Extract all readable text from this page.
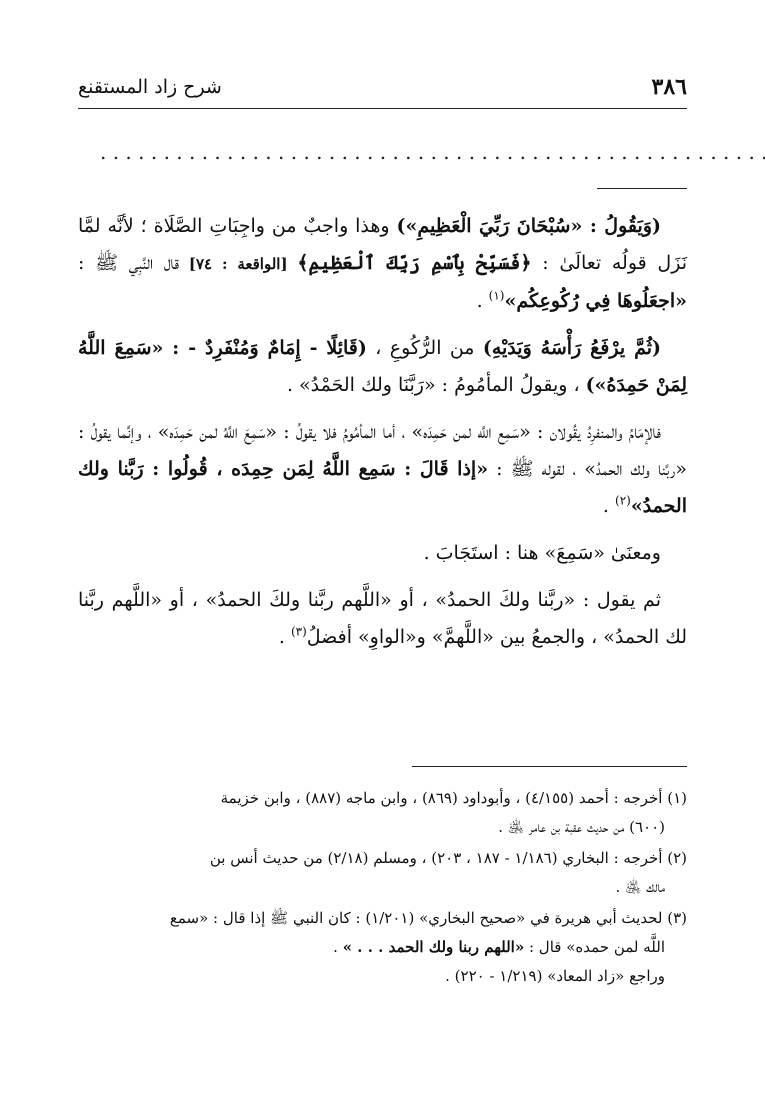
٣٨٦
شرح زاد المستقنع
. . .

(وَيَقُولُ : «سُبْحَانَ رَبِّيَ الْعَظِيمِ») وهذا واجبٌ من واجِبَاتِ الصَّلَاة ؛ لأنَّه لمَّا نَزَل قولُه تعالَىٰ : ﴿فَسَبِّحْ بِٱسْمِ رَبِّكَ ٱلْعَظِيمِ﴾ [الواقعة : ٧٤] قال النَّبِي ﷺ : «اجعَلُوهَا فِي رُكُوعِكُم»$^{(١)}$ .

(ثُمَّ يرْفَعُ رَأْسَهُ وَيَدَيْهِ) من الرُّكُوعِ ، (قَائِلًا - إِمَامٌ وَمُنْفَرِدٌ - : «سَمِعَ اللَّهُ لِمَنْ حَمِدَهُ») ، ويقولُ المأمُومُ : «رَبَّنَا ولك الحَمْدُ» .

فالإمَامُ والمنفرِدُ يقُولان : «سَمِع اللَّه لمن حَمِدَه» ، أما المأمُومُ فلا يقولُ : «سَمِعَ اللَّهُ لمن حَمِدَه» ، وإنَّما يقولُ : «ربَّنا ولك الحمدُ» ، لقوله ﷺ : «إذا قَالَ : سَمِع اللَّهُ لِمَن حِمِدَه ، قُولُوا : رَبَّنا ولك الحمدُ»$^{(٢)}$ .

ومعنَىٰ «سَمِعَ» هنا : استَجَابَ .

ثم يقول : «ربَّنا ولكَ الحمدُ» ، أو «اللَّهم ربَّنا ولكَ الحمدُ» ، أو «اللَّهم ربَّنا لك الحمدُ» ، والجمعُ بين «اللَّهمَّ» و«الواوِ» أفضلُ$^{(٣)}$ .

(١) أخرجه : أحمد (٤/١٥٥) ، وأبوداود (٨٦٩) ، وابن ماجه (٨٨٧) ، وابن خزيمة
(٦٠٠) من حديث عقبة بن عامر ﵁ .
(٢) أخرجه : البخاري (١/١٨٦ - ١٨٧ ، ٢٠٣) ، ومسلم (٢/١٨) من حديث أنس بن
مالك ﵁ .
(٣) لحديث أبي هريرة في «صحيح البخاري» (١/٢٠١) : كان النبي ﷺ إذا قال : «سمع
اللَّه لمن حمده» قال : «اللهم ربنا ولك الحمد . . . » .
وراجع «زاد المعاد» (١/٢١٩ - ٢٢٠) .
